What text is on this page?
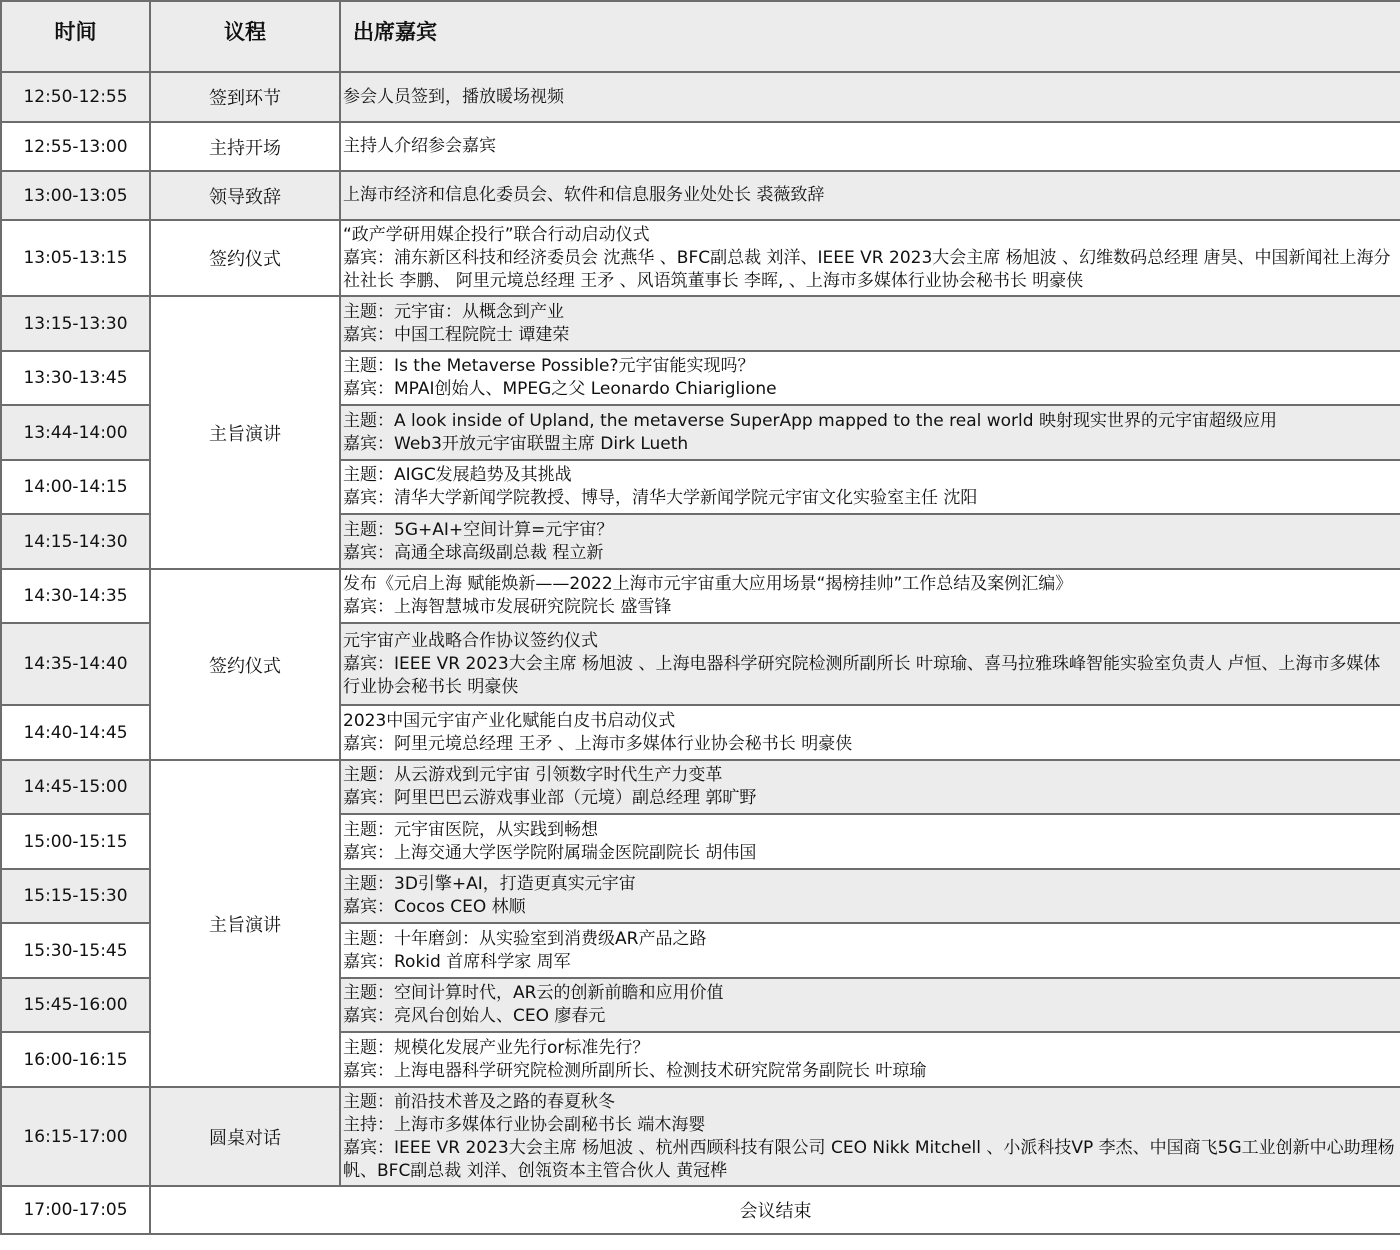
时间	议程	出席嘉宾
12:50-12:55	签到环节	参会人员签到，播放暖场视频

12:55-13:00	主持开场	主持人介绍参会嘉宾

13:00-13:05	领导致辞	上海市经济和信息化委员会、软件和信息服务业处处长 裘薇致辞

13:05-13:15	签约仪式	“政产学研用媒企投行”联合行动启动仪式
嘉宾：浦东新区科技和经济委员会 沈燕华 、BFC副总裁 刘洋、IEEE VR 2023大会主席 杨旭波 、幻维数码总经理 唐昊、中国新闻社上海分社社长 李鹏、 阿里元境总经理 王矛 、风语筑董事长 李晖, 、上海市多媒体行业协会秘书长 明豪侠

13:15-13:30	主旨演讲	主题：元宇宙：从概念到产业
嘉宾：中国工程院院士 谭建荣

13:30-13:45		主题：Is the Metaverse Possible?元宇宙能实现吗？
嘉宾：MPAI创始人、MPEG之父 Leonardo Chiariglione

13:44-14:00		主题：A look inside of Upland, the metaverse SuperApp mapped to the real world 映射现实世界的元宇宙超级应用
嘉宾：Web3开放元宇宙联盟主席 Dirk Lueth

14:00-14:15		主题：AIGC发展趋势及其挑战
嘉宾：清华大学新闻学院教授、博导，清华大学新闻学院元宇宙文化实验室主任 沈阳

14:15-14:30		主题：5G+AI+空间计算=元宇宙？
嘉宾：高通全球高级副总裁 程立新

14:30-14:35	签约仪式	发布《元启上海 赋能焕新——2022上海市元宇宙重大应用场景“揭榜挂帅”工作总结及案例汇编》
嘉宾：上海智慧城市发展研究院院长 盛雪锋

14:35-14:40		元宇宙产业战略合作协议签约仪式
嘉宾：IEEE VR 2023大会主席 杨旭波 、上海电器科学研究院检测所副所长 叶琼瑜、喜马拉雅珠峰智能实验室负责人 卢恒、上海市多媒体行业协会秘书长 明豪侠

14:40-14:45		2023中国元宇宙产业化赋能白皮书启动仪式
嘉宾：阿里元境总经理 王矛 、上海市多媒体行业协会秘书长 明豪侠

14:45-15:00	主旨演讲	主题：从云游戏到元宇宙 引领数字时代生产力变革
嘉宾：阿里巴巴云游戏事业部（元境）副总经理 郭旷野

15:00-15:15		主题：元宇宙医院，从实践到畅想
嘉宾：上海交通大学医学院附属瑞金医院副院长 胡伟国

15:15-15:30		主题：3D引擎+AI，打造更真实元宇宙
嘉宾：Cocos CEO 林顺

15:30-15:45		主题：十年磨剑：从实验室到消费级AR产品之路
嘉宾：Rokid 首席科学家 周军

15:45-16:00		主题：空间计算时代，AR云的创新前瞻和应用价值
嘉宾：亮风台创始人、CEO 廖春元

16:00-16:15		主题：规模化发展产业先行or标准先行？
嘉宾：上海电器科学研究院检测所副所长、检测技术研究院常务副院长 叶琼瑜

16:15-17:00	圆桌对话	主题：前沿技术普及之路的春夏秋冬
主持：上海市多媒体行业协会副秘书长 端木海婴
嘉宾：IEEE VR 2023大会主席 杨旭波 、杭州西顾科技有限公司 CEO Nikk Mitchell 、小派科技VP 李杰、中国商飞5G工业创新中心助理杨帆、BFC副总裁 刘洋、创瓴资本主管合伙人 黄冠桦

17:00-17:05	会议结束	
